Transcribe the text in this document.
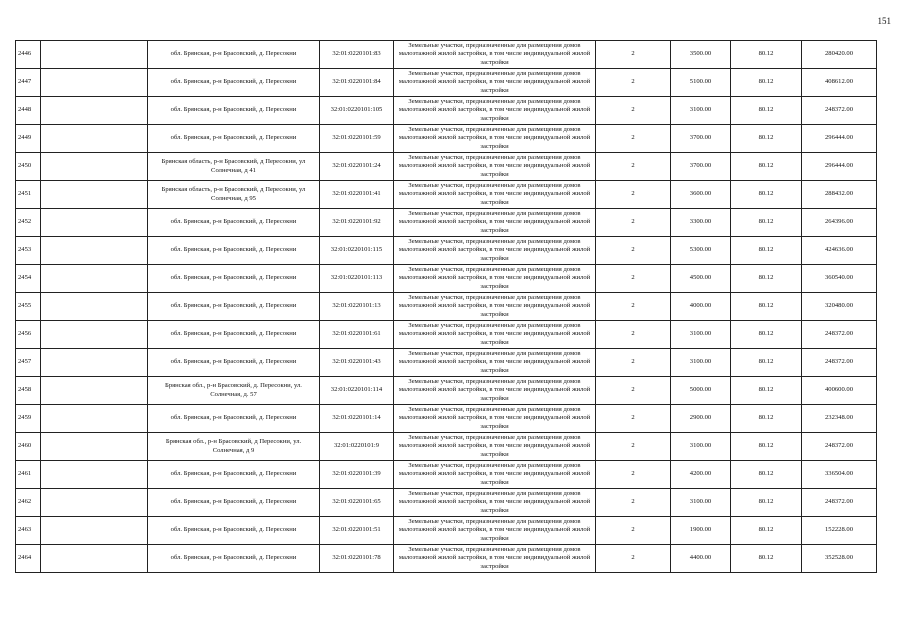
151
2446		обл. Брянская, р-н Брасовский, д. Пересокни	32:01:0220101:83	Земельные участки, предназначенные для размещения домов малоэтажной жилой застройки, в том числе индивидуальной жилой застройки	2	3500.00	80.12	280420.00
2447		обл. Брянская, р-н Брасовский, д. Пересокни	32:01:0220101:84	Земельные участки, предназначенные для размещения домов малоэтажной жилой застройки, в том числе индивидуальной жилой застройки	2	5100.00	80.12	408612.00
2448		обл. Брянская, р-н Брасовский, д. Пересокни	32:01:0220101:105	Земельные участки, предназначенные для размещения домов малоэтажной жилой застройки, в том числе индивидуальной жилой застройки	2	3100.00	80.12	248372.00
2449		обл. Брянская, р-н Брасовский, д. Пересокни	32:01:0220101:59	Земельные участки, предназначенные для размещения домов малоэтажной жилой застройки, в том числе индивидуальной жилой застройки	2	3700.00	80.12	296444.00
2450		Брянская область, р-н Брасовский, д Пересокни, ул Солнечная, д 41	32:01:0220101:24	Земельные участки, предназначенные для размещения домов малоэтажной жилой застройки, в том числе индивидуальной жилой застройки	2	3700.00	80.12	296444.00
2451		Брянская область, р-н Брасовский, д Пересокни, ул Солнечная, д 95	32:01:0220101:41	Земельные участки, предназначенные для размещения домов малоэтажной жилой застройки, в том числе индивидуальной жилой застройки	2	3600.00	80.12	288432.00
2452		обл. Брянская, р-н Брасовский, д. Пересокни	32:01:0220101:92	Земельные участки, предназначенные для размещения домов малоэтажной жилой застройки, в том числе индивидуальной жилой застройки	2	3300.00	80.12	264396.00
2453		обл. Брянская, р-н Брасовский, д. Пересокни	32:01:0220101:115	Земельные участки, предназначенные для размещения домов малоэтажной жилой застройки, в том числе индивидуальной жилой застройки	2	5300.00	80.12	424636.00
2454		обл. Брянская, р-н Брасовский, д. Пересокни	32:01:0220101:113	Земельные участки, предназначенные для размещения домов малоэтажной жилой застройки, в том числе индивидуальной жилой застройки	2	4500.00	80.12	360540.00
2455		обл. Брянская, р-н Брасовский, д. Пересокни	32:01:0220101:13	Земельные участки, предназначенные для размещения домов малоэтажной жилой застройки, в том числе индивидуальной жилой застройки	2	4000.00	80.12	320480.00
2456		обл. Брянская, р-н Брасовский, д. Пересокни	32:01:0220101:61	Земельные участки, предназначенные для размещения домов малоэтажной жилой застройки, в том числе индивидуальной жилой застройки	2	3100.00	80.12	248372.00
2457		обл. Брянская, р-н Брасовский, д. Пересокни	32:01:0220101:43	Земельные участки, предназначенные для размещения домов малоэтажной жилой застройки, в том числе индивидуальной жилой застройки	2	3100.00	80.12	248372.00
2458		Брянская обл., р-н Брасовский, д. Пересокни, ул. Солнечная, д. 57	32:01:0220101:114	Земельные участки, предназначенные для размещения домов малоэтажной жилой застройки, в том числе индивидуальной жилой застройки	2	5000.00	80.12	400600.00
2459		обл. Брянская, р-н Брасовский, д. Пересокни	32:01:0220101:14	Земельные участки, предназначенные для размещения домов малоэтажной жилой застройки, в том числе индивидуальной жилой застройки	2	2900.00	80.12	232348.00
2460		Брянская обл., р-н Брасовский, д Пересокни, ул. Солнечная, д 9	32:01:0220101:9	Земельные участки, предназначенные для размещения домов малоэтажной жилой застройки, в том числе индивидуальной жилой застройки	2	3100.00	80.12	248372.00
2461		обл. Брянская, р-н Брасовский, д. Пересокни	32:01:0220101:39	Земельные участки, предназначенные для размещения домов малоэтажной жилой застройки, в том числе индивидуальной жилой застройки	2	4200.00	80.12	336504.00
2462		обл. Брянская, р-н Брасовский, д. Пересокни	32:01:0220101:65	Земельные участки, предназначенные для размещения домов малоэтажной жилой застройки, в том числе индивидуальной жилой застройки	2	3100.00	80.12	248372.00
2463		обл. Брянская, р-н Брасовский, д. Пересокни	32:01:0220101:51	Земельные участки, предназначенные для размещения домов малоэтажной жилой застройки, в том числе индивидуальной жилой застройки	2	1900.00	80.12	152228.00
2464		обл. Брянская, р-н Брасовский, д. Пересокни	32:01:0220101:78	Земельные участки, предназначенные для размещения домов малоэтажной жилой застройки, в том числе индивидуальной жилой застройки	2	4400.00	80.12	352528.00
